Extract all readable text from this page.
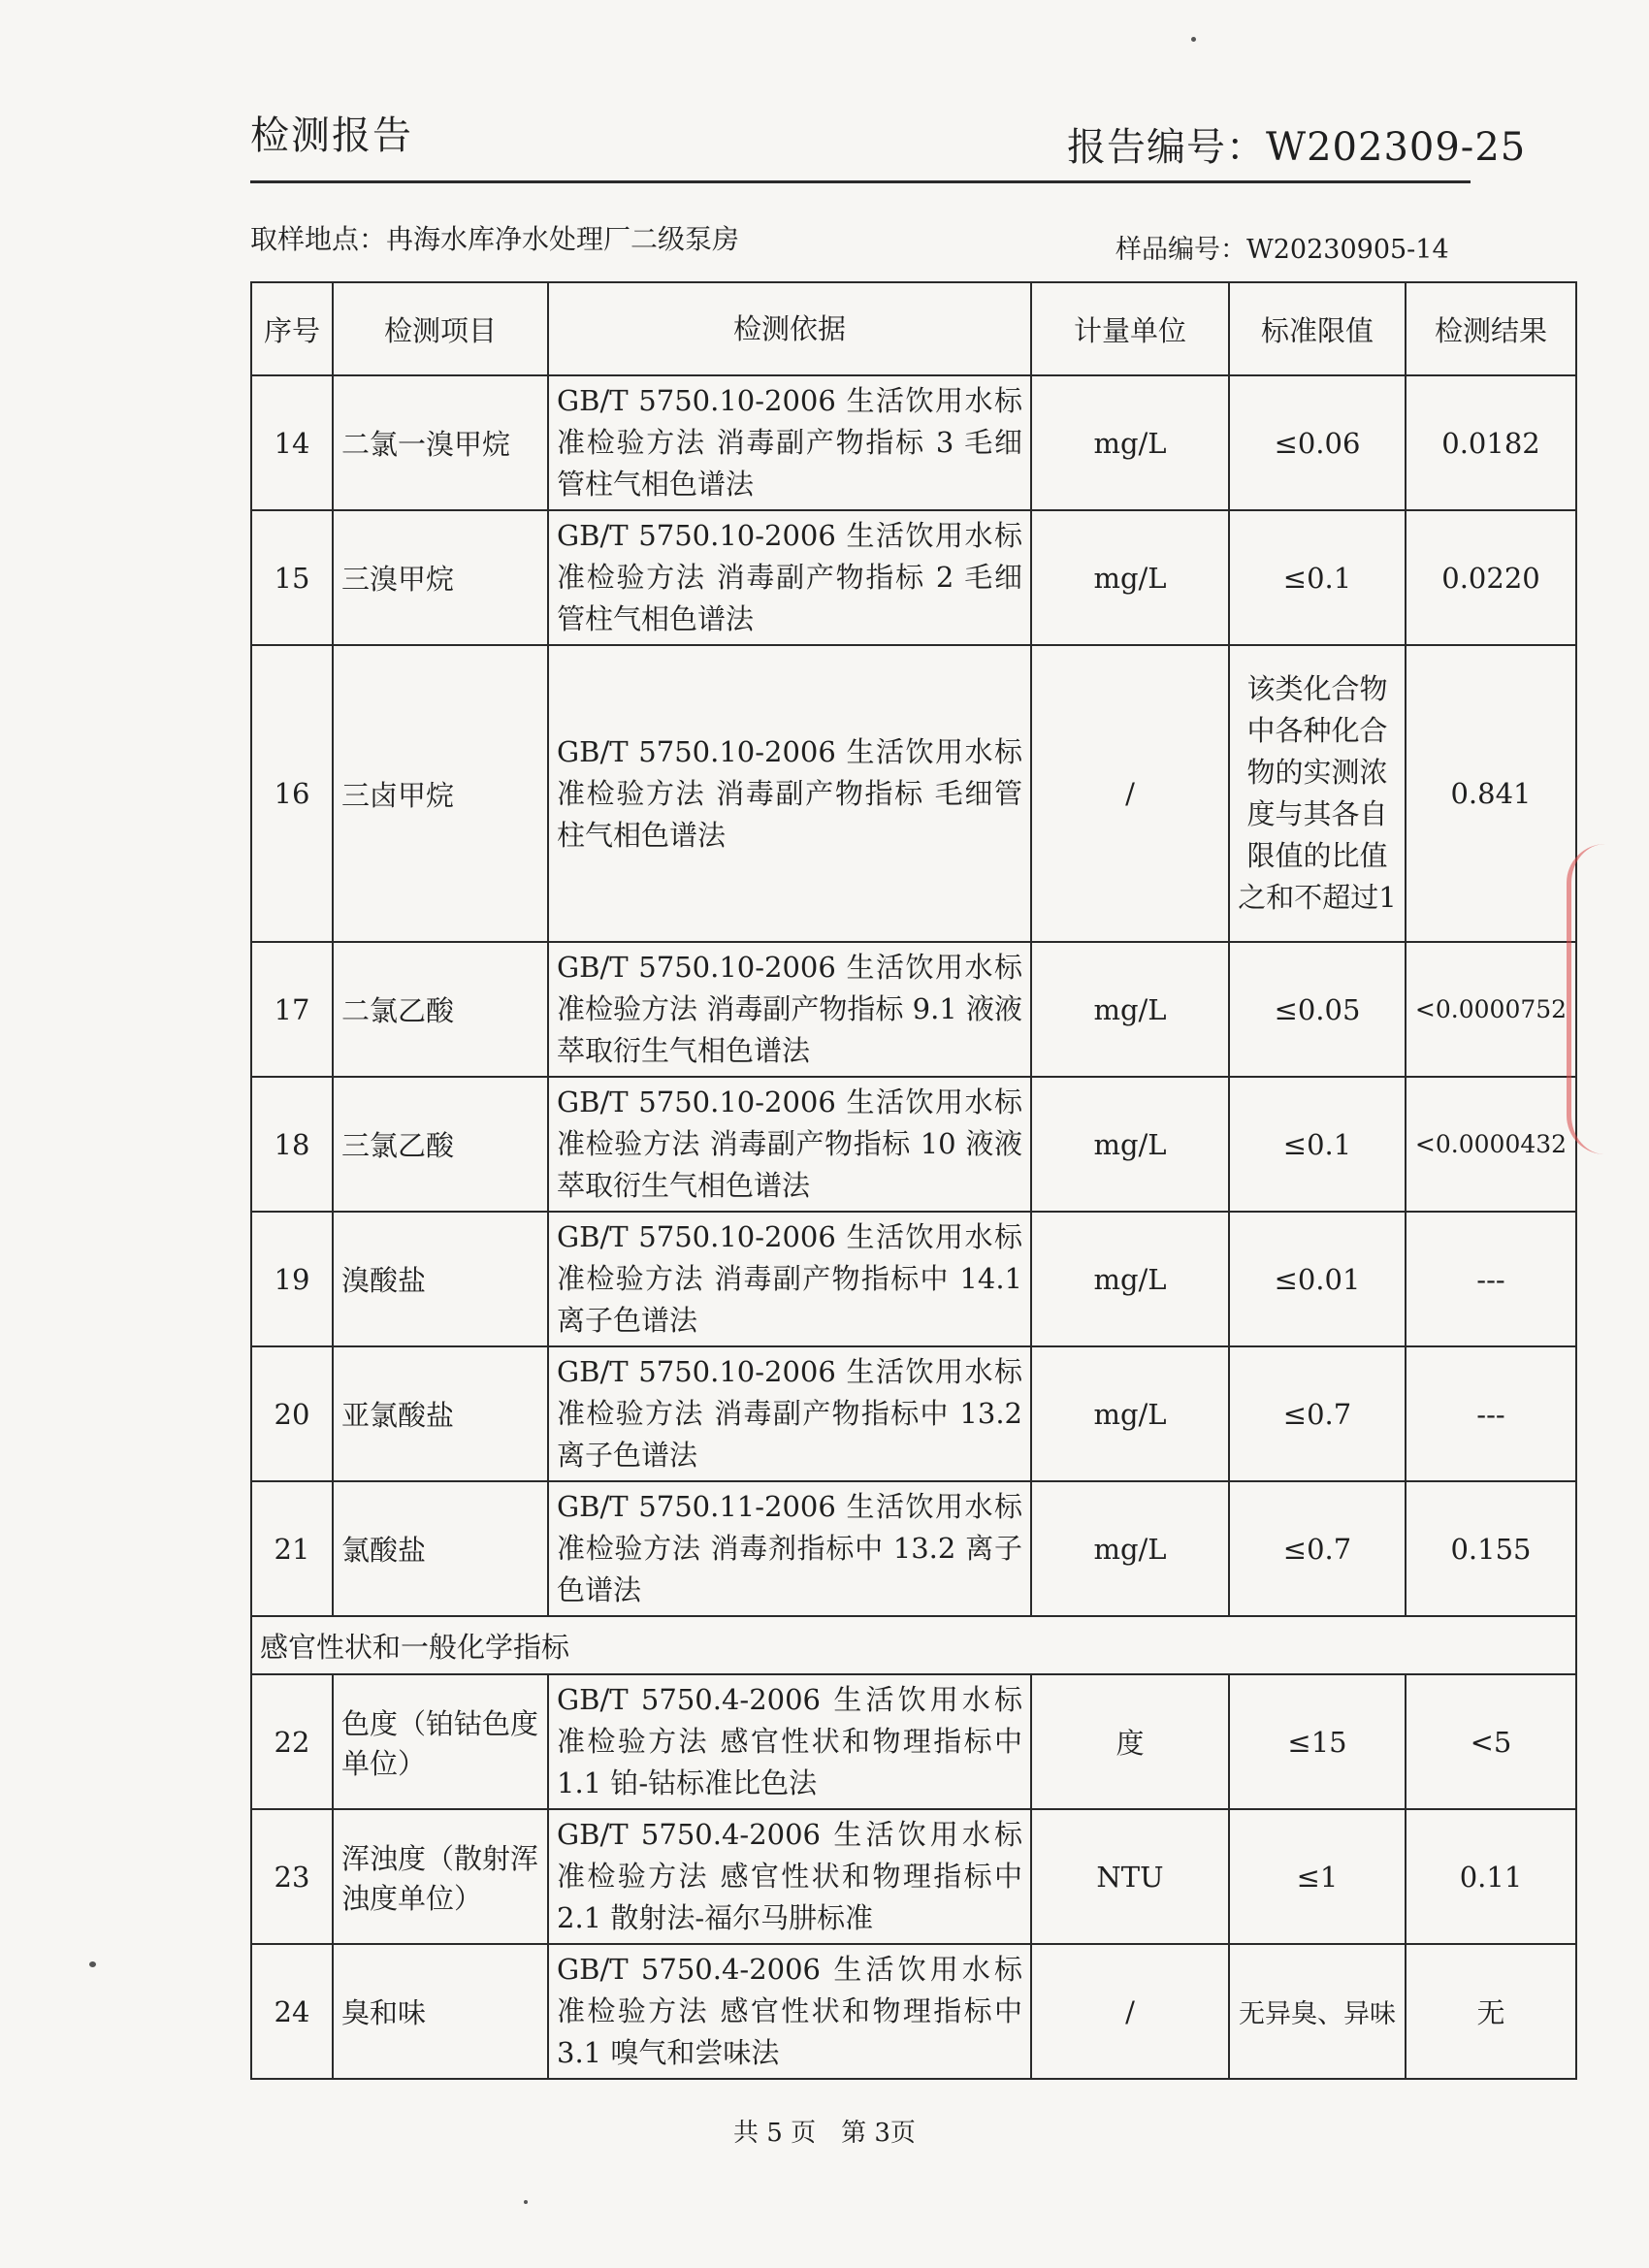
检测报告	报告编号：W202309-25
取样地点：冉海水库净水处理厂二级泵房	样品编号：W20230905-14
序号	检测项目	检测依据	计量单位	标准限值	检测结果
14	二氯一溴甲烷	GB/T 5750.10-2006 生活饮用水标准检验方法 消毒副产物指标 3 毛细管柱气相色谱法	mg/L	≤0.06	0.0182
15	三溴甲烷	GB/T 5750.10-2006 生活饮用水标准检验方法 消毒副产物指标 2 毛细管柱气相色谱法	mg/L	≤0.1	0.0220
16	三卤甲烷	GB/T 5750.10-2006 生活饮用水标准检验方法 消毒副产物指标 毛细管柱气相色谱法	/	该类化合物中各种化合物的实测浓度与其各自限值的比值之和不超过1	0.841
17	二氯乙酸	GB/T 5750.10-2006 生活饮用水标准检验方法 消毒副产物指标 9.1 液液萃取衍生气相色谱法	mg/L	≤0.05	<0.0000752
18	三氯乙酸	GB/T 5750.10-2006 生活饮用水标准检验方法 消毒副产物指标 10 液液萃取衍生气相色谱法	mg/L	≤0.1	<0.0000432
19	溴酸盐	GB/T 5750.10-2006 生活饮用水标准检验方法 消毒副产物指标中 14.1 离子色谱法	mg/L	≤0.01	---
20	亚氯酸盐	GB/T 5750.10-2006 生活饮用水标准检验方法 消毒副产物指标中 13.2 离子色谱法	mg/L	≤0.7	---
21	氯酸盐	GB/T 5750.11-2006 生活饮用水标准检验方法 消毒剂指标中 13.2 离子色谱法	mg/L	≤0.7	0.155
感官性状和一般化学指标					
22	色度（铂钴色度单位）	GB/T 5750.4-2006 生活饮用水标准检验方法 感官性状和物理指标中 1.1 铂-钴标准比色法	度	≤15	<5
23	浑浊度（散射浑浊度单位）	GB/T 5750.4-2006 生活饮用水标准检验方法 感官性状和物理指标中 2.1 散射法-福尔马肼标准	NTU	≤1	0.11
24	臭和味	GB/T 5750.4-2006 生活饮用水标准检验方法 感官性状和物理指标中 3.1 嗅气和尝味法	/	无异臭、异味	无
共 5 页　第 3页
